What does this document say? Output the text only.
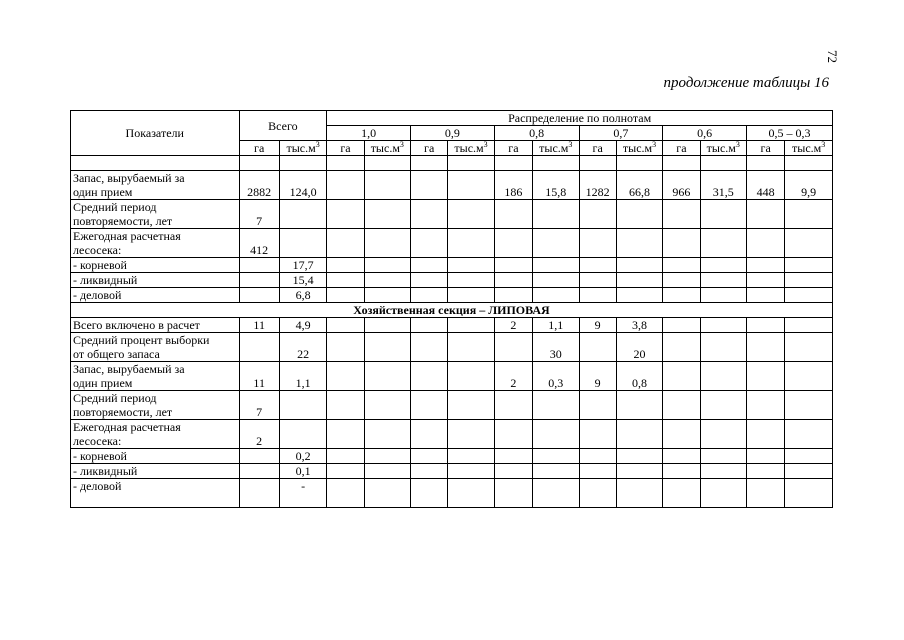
72
продолжение таблицы 16
Показатели	Всего		Распределение по полнотам											
			1,0		0,9		0,8		0,7		0,6		0,5 – 0,3	
	га	$тыс.м^3$	га	$тыс.м^3$	га	$тыс.м^3$	га	$тыс.м^3$	га	$тыс.м^3$	га	$тыс.м^3$	га	$тыс.м^3$

Запас, вырубаемый за
один прием	2882	124,0					186	15,8	1282	66,8	966	31,5	448	9,9
Средний период
повторяемости, лет	7													
Ежегодная расчетная
лесосека:	412													
- корневой		17,7												
- ликвидный		15,4												
- деловой		6,8												
Хозяйственная секция – ЛИПОВАЯ														
Всего включено в расчет	11	4,9					2	1,1	9	3,8				
Средний процент выборки
от общего запаса		22						30		20				
Запас, вырубаемый за
один прием	11	1,1					2	0,3	9	0,8				
Средний период
повторяемости, лет	7													
Ежегодная расчетная
лесосека:	2													
- корневой		0,2												
- ликвидный		0,1												
- деловой		-												
